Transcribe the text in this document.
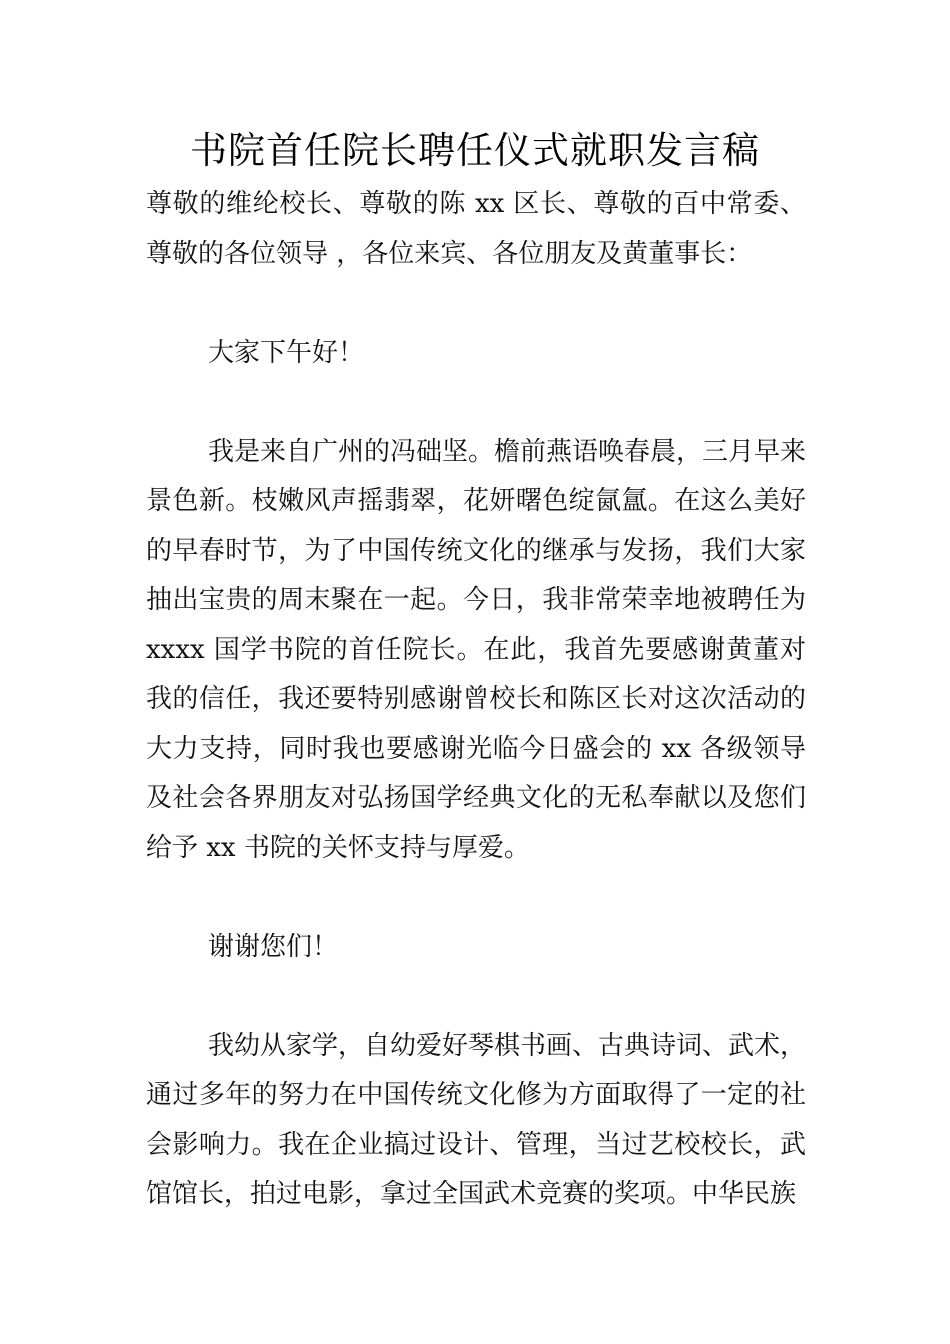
书院首任院长聘任仪式就职发言稿

尊敬的维纶校长、尊敬的陈 xx 区长、尊敬的百中常委、尊敬的各位领导 ，各位来宾、各位朋友及黄董事长：

大家下午好！

我是来自广州的冯础坚。檐前燕语唤春晨，三月早来景色新。枝嫩风声摇翡翠，花妍曙色绽氤氲。在这么美好的早春时节，为了中国传统文化的继承与发扬，我们大家抽出宝贵的周末聚在一起。今日，我非常荣幸地被聘任为 xxxx 国学书院的首任院长。在此，我首先要感谢黄董对我的信任，我还要特别感谢曾校长和陈区长对这次活动的大力支持，同时我也要感谢光临今日盛会的 xx 各级领导及社会各界朋友对弘扬国学经典文化的无私奉献以及您们给予 xx 书院的关怀支持与厚爱。

谢谢您们！

我幼从家学，自幼爱好琴棋书画、古典诗词、武术，通过多年的努力在中国传统文化修为方面取得了一定的社会影响力。我在企业搞过设计、管理，当过艺校校长，武馆馆长，拍过电影，拿过全国武术竞赛的奖项。中华民族
